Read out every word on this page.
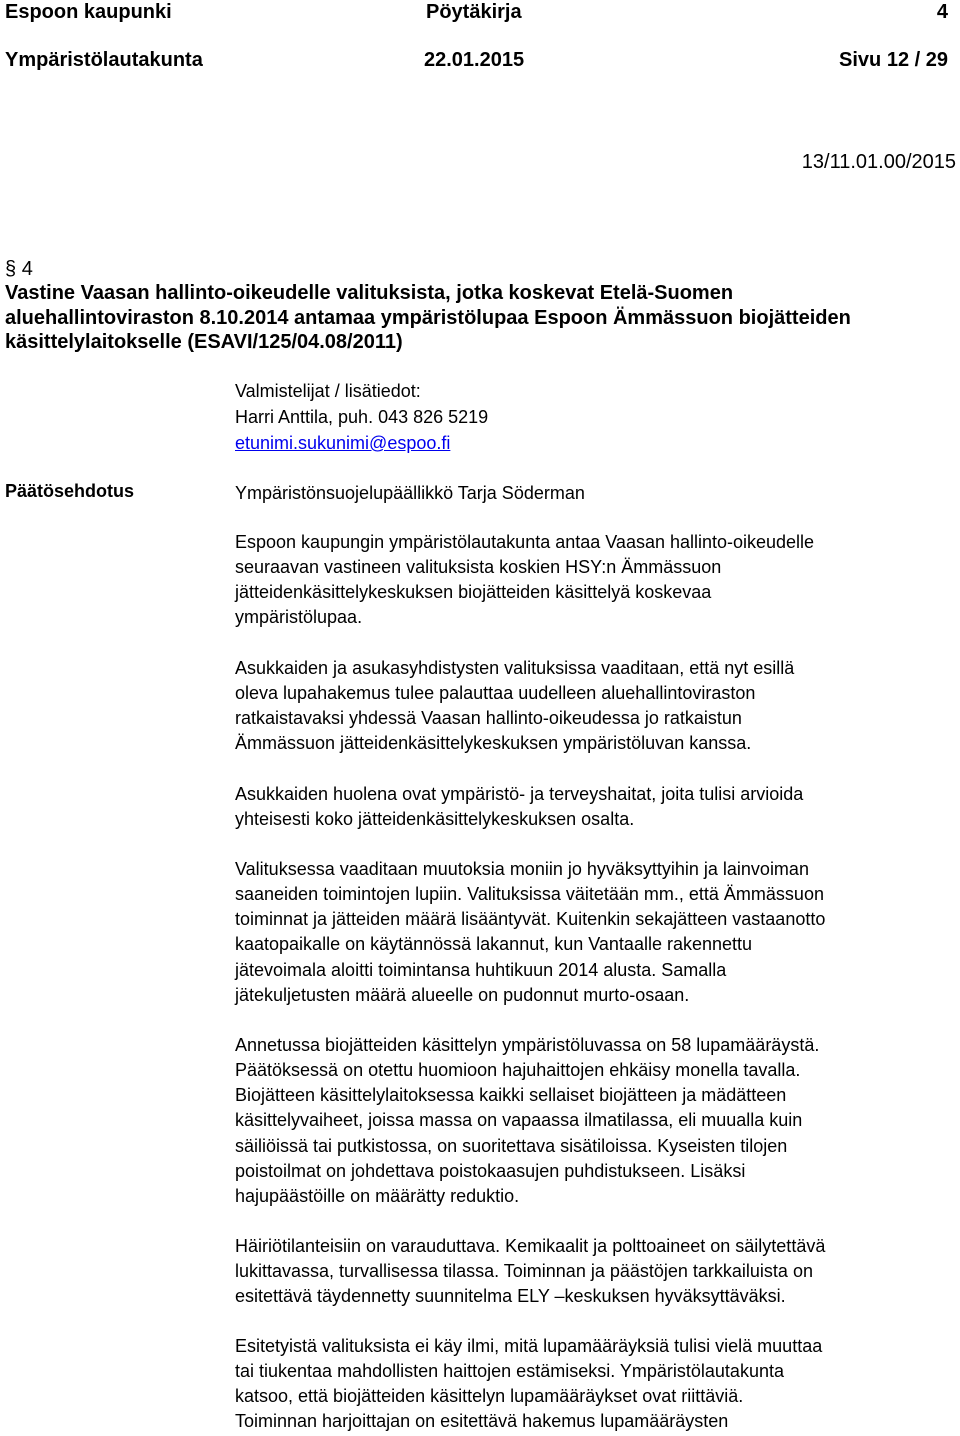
Espoon kaupunki	Pöytäkirja	4
Ympäristölautakunta	22.01.2015	Sivu 12 / 29
13/11.01.00/2015
§ 4
Vastine Vaasan hallinto-oikeudelle valituksista, jotka koskevat Etelä-Suomen
aluehallintoviraston 8.10.2014 antamaa ympäristölupaa Espoon Ämmässuon biojätteiden
käsittelylaitokselle (ESAVI/125/04.08/2011)
Valmistelijat / lisätiedot:
Harri Anttila, puh. 043 826 5219
etunimi.sukunimi@espoo.fi
Päätösehdotus	Ympäristönsuojelupäällikkö Tarja Söderman
Espoon kaupungin ympäristölautakunta antaa Vaasan hallinto-oikeudelle
seuraavan vastineen valituksista koskien HSY:n Ämmässuon
jätteidenkäsittelykeskuksen biojätteiden käsittelyä koskevaa
ympäristölupaa.
Asukkaiden ja asukasyhdistysten valituksissa vaaditaan, että nyt esillä
oleva lupahakemus tulee palauttaa uudelleen aluehallintoviraston
ratkaistavaksi yhdessä Vaasan hallinto-oikeudessa jo ratkaistun
Ämmässuon jätteidenkäsittelykeskuksen ympäristöluvan kanssa.
Asukkaiden huolena ovat ympäristö- ja terveyshaitat, joita tulisi arvioida
yhteisesti koko jätteidenkäsittelykeskuksen osalta.
Valituksessa vaaditaan muutoksia moniin jo hyväksyttyihin ja lainvoiman
saaneiden toimintojen lupiin. Valituksissa väitetään mm., että Ämmässuon
toiminnat ja jätteiden määrä lisääntyvät. Kuitenkin sekajätteen vastaanotto
kaatopaikalle on käytännössä lakannut, kun Vantaalle rakennettu
jätevoimala aloitti toimintansa huhtikuun 2014 alusta. Samalla
jätekuljetusten määrä alueelle on pudonnut murto-osaan.
Annetussa biojätteiden käsittelyn ympäristöluvassa on 58 lupamääräystä.
Päätöksessä on otettu huomioon hajuhaittojen ehkäisy monella tavalla.
Biojätteen käsittelylaitoksessa kaikki sellaiset biojätteen ja mädätteen
käsittelyvaiheet, joissa massa on vapaassa ilmatilassa, eli muualla kuin
säiliöissä tai putkistossa, on suoritettava sisätiloissa. Kyseisten tilojen
poistoilmat on johdettava poistokaasujen puhdistukseen. Lisäksi
hajupäästöille on määrätty reduktio.
Häiriötilanteisiin on varauduttava. Kemikaalit ja polttoaineet on säilytettävä
lukittavassa, turvallisessa tilassa. Toiminnan ja päästöjen tarkkailuista on
esitettävä täydennetty suunnitelma ELY –keskuksen hyväksyttäväksi.
Esitetyistä valituksista ei käy ilmi, mitä lupamääräyksiä tulisi vielä muuttaa
tai tiukentaa mahdollisten haittojen estämiseksi. Ympäristölautakunta
katsoo, että biojätteiden käsittelyn lupamääräykset ovat riittäviä.
Toiminnan harjoittajan on esitettävä hakemus lupamääräysten
